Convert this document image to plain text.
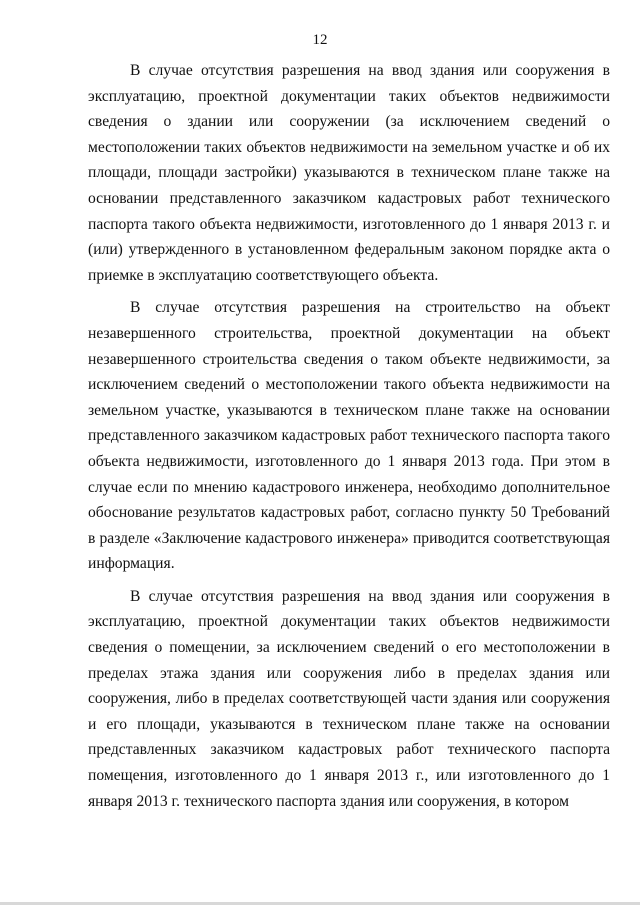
12

В случае отсутствия разрешения на ввод здания или сооружения в эксплуатацию, проектной документации таких объектов недвижимости сведения о здании или сооружении (за исключением сведений о местоположении таких объектов недвижимости на земельном участке и об их площади, площади застройки) указываются в техническом плане также на основании представленного заказчиком кадастровых работ технического паспорта такого объекта недвижимости, изготовленного до 1 января 2013 г. и (или) утвержденного в установленном федеральным законом порядке акта о приемке в эксплуатацию соответствующего объекта.

В случае отсутствия разрешения на строительство на объект незавершенного строительства, проектной документации на объект незавершенного строительства сведения о таком объекте недвижимости, за исключением сведений о местоположении такого объекта недвижимости на земельном участке, указываются в техническом плане также на основании представленного заказчиком кадастровых работ технического паспорта такого объекта недвижимости, изготовленного до 1 января 2013 года. При этом в случае если по мнению кадастрового инженера, необходимо дополнительное обоснование результатов кадастровых работ, согласно пункту 50 Требований в разделе «Заключение кадастрового инженера» приводится соответствующая информация.

В случае отсутствия разрешения на ввод здания или сооружения в эксплуатацию, проектной документации таких объектов недвижимости сведения о помещении, за исключением сведений о его местоположении в пределах этажа здания или сооружения либо в пределах здания или сооружения, либо в пределах соответствующей части здания или сооружения и его площади, указываются в техническом плане также на основании представленных заказчиком кадастровых работ технического паспорта помещения, изготовленного до 1 января 2013 г., или изготовленного до 1 января 2013 г. технического паспорта здания или сооружения, в котором
